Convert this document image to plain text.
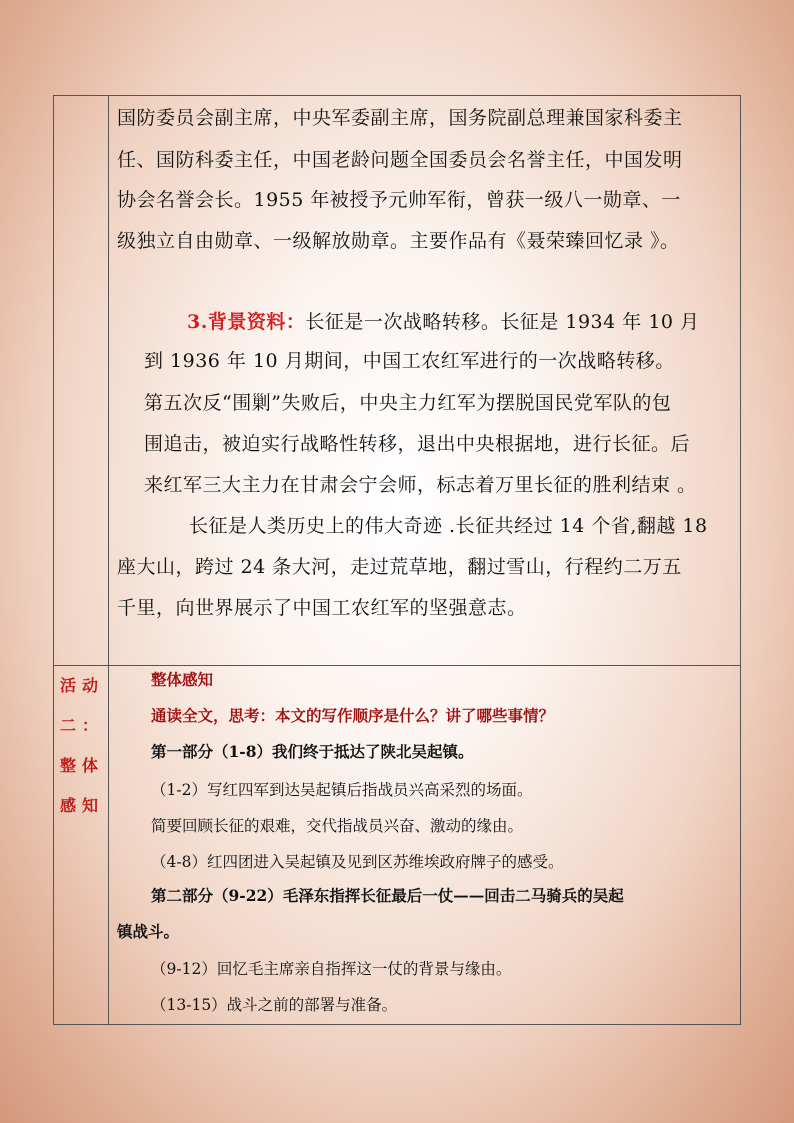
国防委员会副主席，中央军委副主席，国务院副总理兼国家科委主

任、国防科委主任，中国老龄问题全国委员会名誉主任，中国发明

协会名誉会长。1955 年被授予元帅军衔，曾获一级八一勋章、一

级独立自由勋章、一级解放勋章。主要作品有《聂荣臻回忆录 》。

3.背景资料：长征是一次战略转移。长征是 1934 年 10 月

到 1936 年 10 月期间，中国工农红军进行的一次战略转移。

第五次反“围剿”失败后，中央主力红军为摆脱国民党军队的包

围追击，被迫实行战略性转移，退出中央根据地，进行长征。后

来红军三大主力在甘肃会宁会师，标志着万里长征的胜利结束 。

长征是人类历史上的伟大奇迹 .长征共经过 14 个省,翻越 18

座大山，跨过 24 条大河，走过荒草地，翻过雪山，行程约二万五

千里，向世界展示了中国工农红军的坚强意志。

活动
二：
整体
感知

整体感知

通读全文，思考：本文的写作顺序是什么？讲了哪些事情？

第一部分（1-8）我们终于抵达了陕北吴起镇。

（1-2）写红四军到达吴起镇后指战员兴高采烈的场面。

简要回顾长征的艰难，交代指战员兴奋、激动的缘由。

（4-8）红四团进入吴起镇及见到区苏维埃政府牌子的感受。

第二部分（9-22）毛泽东指挥长征最后一仗——回击二马骑兵的吴起

镇战斗。

（9-12）回忆毛主席亲自指挥这一仗的背景与缘由。

（13-15）战斗之前的部署与准备。
